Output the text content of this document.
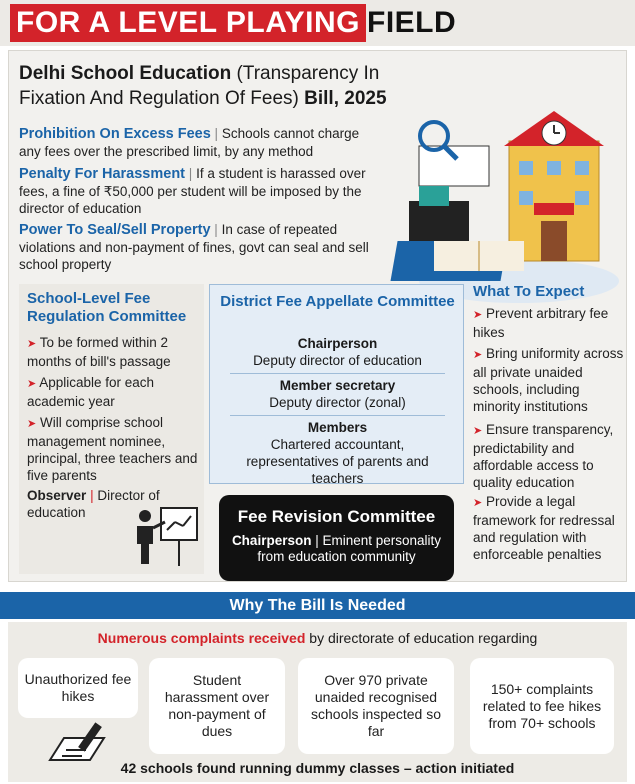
FOR A LEVEL PLAYING FIELD
Delhi School Education (Transparency In Fixation And Regulation Of Fees) Bill, 2025
Prohibition On Excess Fees | Schools cannot charge any fees over the prescribed limit, by any method
Penalty For Harassment | If a student is harassed over fees, a fine of ₹50,000 per student will be imposed by the director of education
Power To Seal/Sell Property | In case of repeated violations and non-payment of fines, govt can seal and sell school property
School-Level Fee Regulation Committee
➤ To be formed within 2 months of bill's passage
➤ Applicable for each academic year
➤ Will comprise school management nominee, principal, three teachers and five parents
Observer | Director of education
District Fee Appellate Committee
Chairperson
Deputy director of education
Member secretary
Deputy director (zonal)
Members
Chartered accountant, representatives of parents and teachers
Fee Revision Committee
Chairperson | Eminent personality from education community
What To Expect
➤ Prevent arbitrary fee hikes
➤ Bring uniformity across all private unaided schools, including minority institutions
➤ Ensure transparency, predictability and affordable access to quality education
➤ Provide a legal framework for redressal and regulation with enforceable penalties
Why The Bill Is Needed
Numerous complaints received by directorate of education regarding
Unauthorized fee hikes
Student harassment over non-payment of dues
Over 970 private unaided recognised schools inspected so far
150+ complaints related to fee hikes from 70+ schools
42 schools found running dummy classes – action initiated
